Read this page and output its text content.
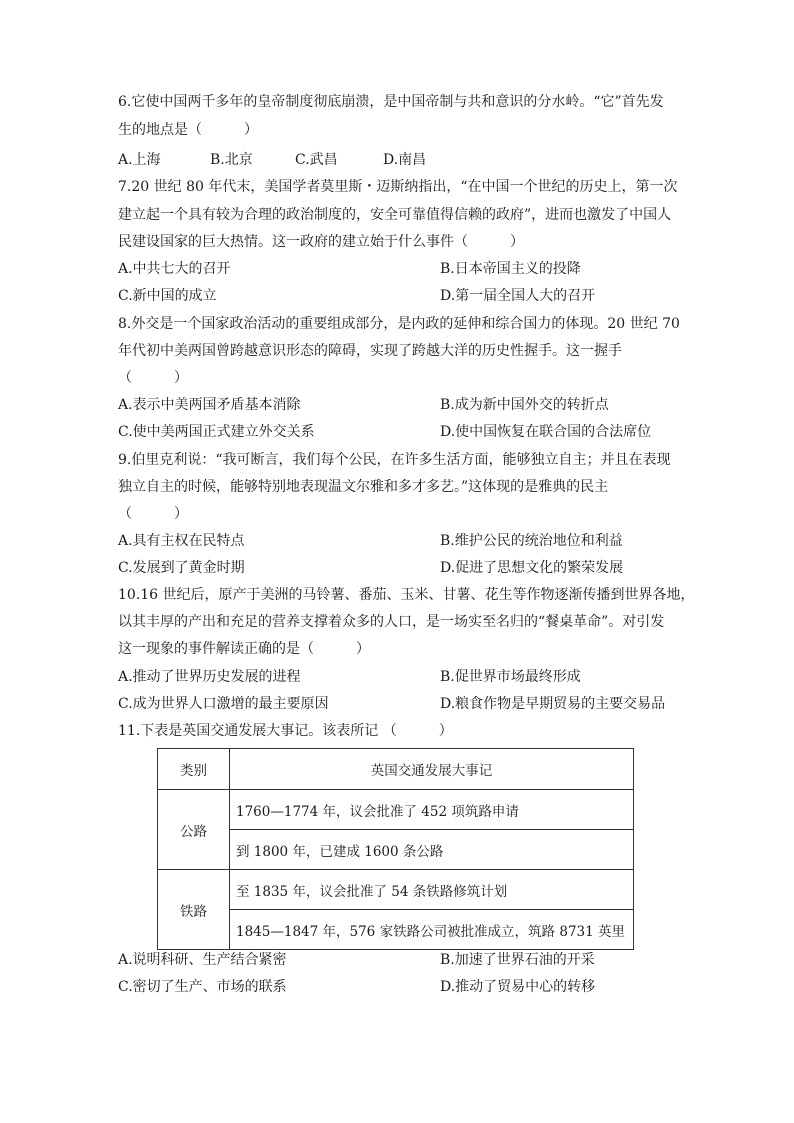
6.它使中国两千多年的皇帝制度彻底崩溃，是中国帝制与共和意识的分水岭。“它”首先发
生的地点是（　　　）
A.上海	B.北京	C.武昌	D.南昌
7.20 世纪 80 年代末，美国学者莫里斯・迈斯纳指出，“在中国一个世纪的历史上，第一次
建立起一个具有较为合理的政治制度的，安全可靠值得信赖的政府”，进而也激发了中国人
民建设国家的巨大热情。这一政府的建立始于什么事件（　　　）
A.中共七大的召开	B.日本帝国主义的投降
C.新中国的成立	D.第一届全国人大的召开
8.外交是一个国家政治活动的重要组成部分，是内政的延伸和综合国力的体现。20 世纪 70
年代初中美两国曾跨越意识形态的障碍，实现了跨越大洋的历史性握手。这一握手
（　　　）
A.表示中美两国矛盾基本消除	B.成为新中国外交的转折点
C.使中美两国正式建立外交关系	D.使中国恢复在联合国的合法席位
9.伯里克利说：“我可断言，我们每个公民，在许多生活方面，能够独立自主；并且在表现
独立自主的时候，能够特别地表现温文尔雅和多才多艺。”这体现的是雅典的民主
（　　　）
A.具有主权在民特点	B.维护公民的统治地位和利益
C.发展到了黄金时期	D.促进了思想文化的繁荣发展
10.16 世纪后，原产于美洲的马铃薯、番茄、玉米、甘薯、花生等作物逐渐传播到世界各地，
以其丰厚的产出和充足的营养支撑着众多的人口，是一场实至名归的“餐桌革命”。对引发
这一现象的事件解读正确的是（　　　）
A.推动了世界历史发展的进程	B.促世界市场最终形成
C.成为世界人口激增的最主要原因	D.粮食作物是早期贸易的主要交易品
11.下表是英国交通发展大事记。该表所记 （　　　）
类别	英国交通发展大事记
公路	1760—1774 年，议会批准了 452 项筑路申请
	到 1800 年，已建成 1600 条公路
铁路	至 1835 年，议会批准了 54 条铁路修筑计划
	1845—1847 年，576 家铁路公司被批准成立，筑路 8731 英里
A.说明科研、生产结合紧密	B.加速了世界石油的开采
C.密切了生产、市场的联系	D.推动了贸易中心的转移
